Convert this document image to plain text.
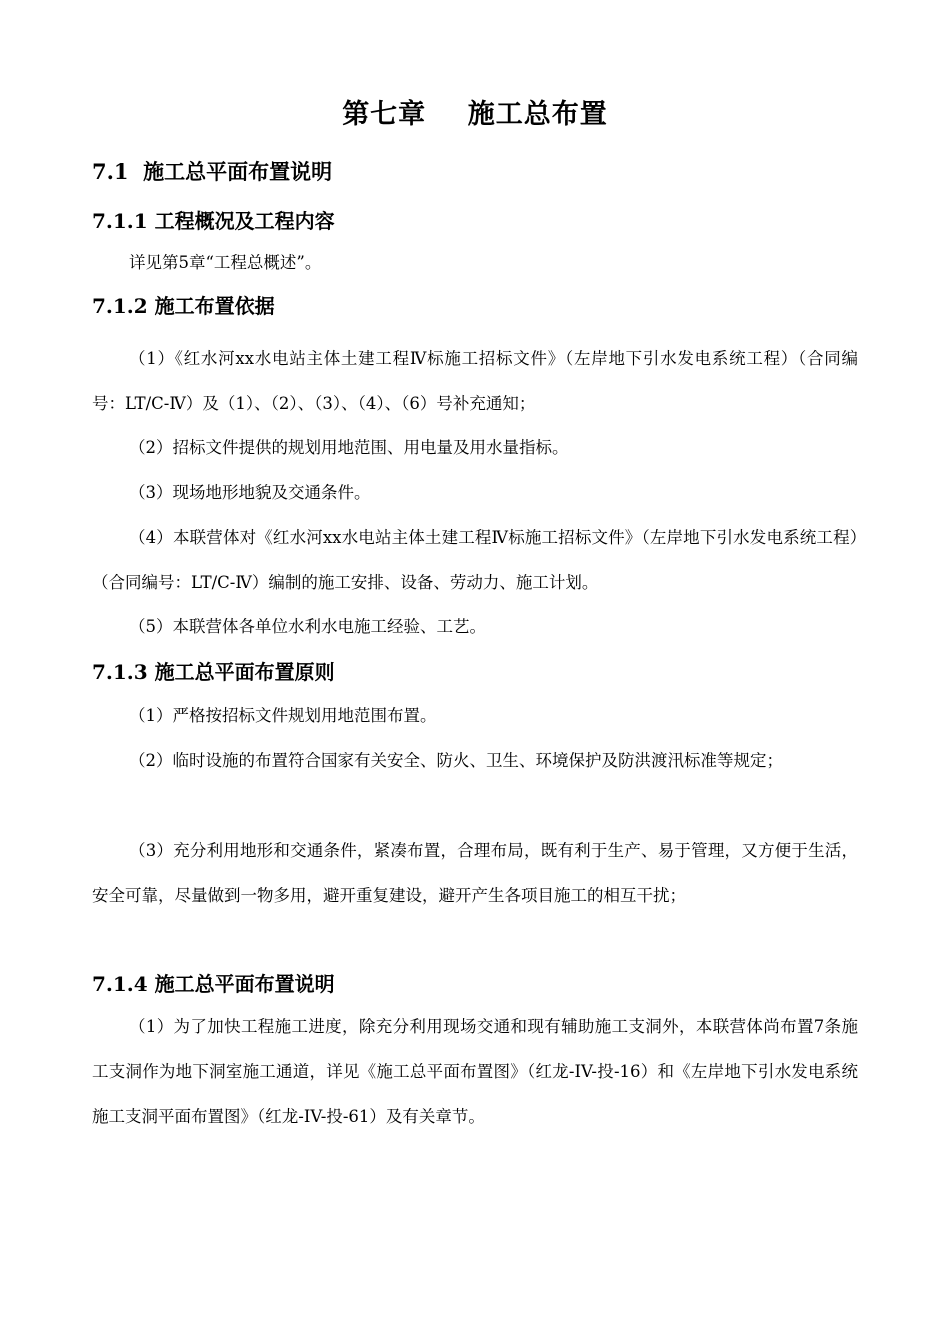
第七章    施工总布置
7.1 施工总平面布置说明
7.1.1 工程概况及工程内容
详见第5章“工程总概述”。
7.1.2 施工布置依据
（1）《红水河xx水电站主体土建工程Ⅳ标施工招标文件》（左岸地下引水发电系统工程）（合同编号：LT/C-Ⅳ）及（1）、（2）、（3）、（4）、（6）号补充通知；
（2）招标文件提供的规划用地范围、用电量及用水量指标。
（3）现场地形地貌及交通条件。
（4）本联营体对《红水河xx水电站主体土建工程Ⅳ标施工招标文件》（左岸地下引水发电系统工程）（合同编号：LT/C-Ⅳ）编制的施工安排、设备、劳动力、施工计划。
（5）本联营体各单位水利水电施工经验、工艺。
7.1.3 施工总平面布置原则
（1）严格按招标文件规划用地范围布置。
（2）临时设施的布置符合国家有关安全、防火、卫生、环境保护及防洪渡汛标准等规定；
（3）充分利用地形和交通条件，紧凑布置，合理布局，既有利于生产、易于管理，又方便于生活，安全可靠，尽量做到一物多用，避开重复建设，避开产生各项目施工的相互干扰；
7.1.4 施工总平面布置说明
（1）为了加快工程施工进度，除充分利用现场交通和现有辅助施工支洞外，本联营体尚布置7条施工支洞作为地下洞室施工通道，详见《施工总平面布置图》（红龙-IV-投-16）和《左岸地下引水发电系统施工支洞平面布置图》（红龙-IV-投-61）及有关章节。
